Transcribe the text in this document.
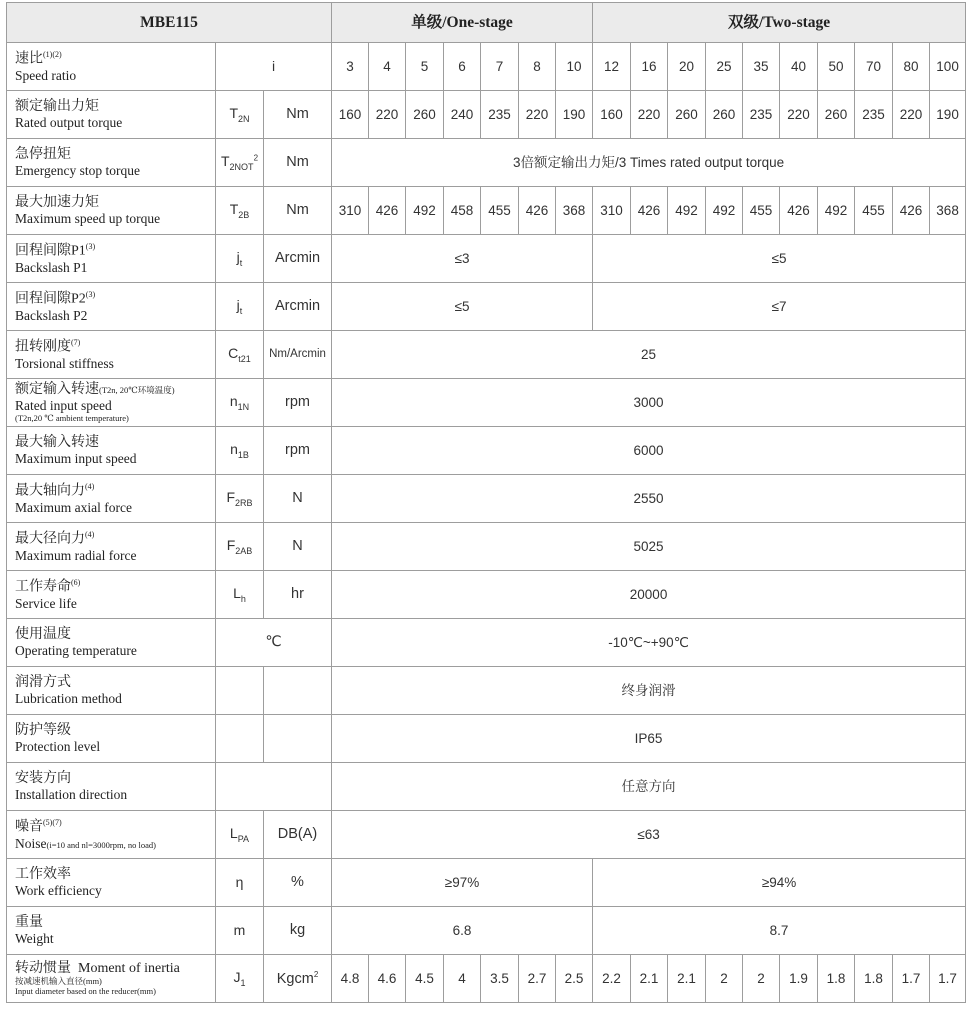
MBE115			单级/One-stage							双级/Two-stage									

速比$^{(1)(2)}$
Speed ratio	i		3	4	5	6	7	8	10	12	16	20	25	35	40	50	70	80	100

额定输出力矩
Rated output torque	$T_{2N}$	Nm	160	220	260	240	235	220	190	160	220	260	260	235	220	260	235	220	190

急停扭矩
Emergency stop torque	$T_{2NOT}^2$	Nm	3倍额定输出力矩/3 Times rated output torque																

最大加速力矩
Maximum speed up torque	$T_{2B}$	Nm	310	426	492	458	455	426	368	310	426	492	492	455	426	492	455	426	368

回程间隙P1$^{(3)}$
Backslash P1	$j_t$	Arcmin	≤3							≤5									

回程间隙P2$^{(3)}$
Backslash P2	$j_t$	Arcmin	≤5							≤7									

扭转刚度$^{(7)}$
Torsional stiffness	$C_{t21}$	Nm/Arcmin	25																

额定输入转速(T2n, 20℃环境温度)
Rated input speed
(T2n,20 ℃ ambient temperature)	$n_{1N}$	rpm	3000																

最大输入转速
Maximum input speed	$n_{1B}$	rpm	6000																

最大轴向力$^{(4)}$
Maximum axial force	$F_{2RB}$	N	2550																

最大径向力$^{(4)}$
Maximum radial force	$F_{2AB}$	N	5025																

工作寿命$^{(6)}$
Service life	$L_h$	hr	20000																

使用温度
Operating temperature	℃		-10℃~+90℃																

润滑方式
Lubrication method			终身润滑																

防护等级
Protection level			IP65																

安装方向
Installation direction			任意方向																

噪音$^{(5)(7)}$
Noise(i=10 and nl=3000rpm, no load)	$L_{PA}$	DB(A)	≤63																

工作效率
Work efficiency	η	%	≥97%							≥94%									

重量
Weight	m	kg	6.8							8.7									

转动惯量 Moment of inertia
按减速机输入直径(mm)
Input diameter based on the reducer(mm)	$J_1$	Kgcm$^2$	4.8	4.6	4.5	4	3.5	2.7	2.5	2.2	2.1	2.1	2	2	1.9	1.8	1.8	1.7	1.7
